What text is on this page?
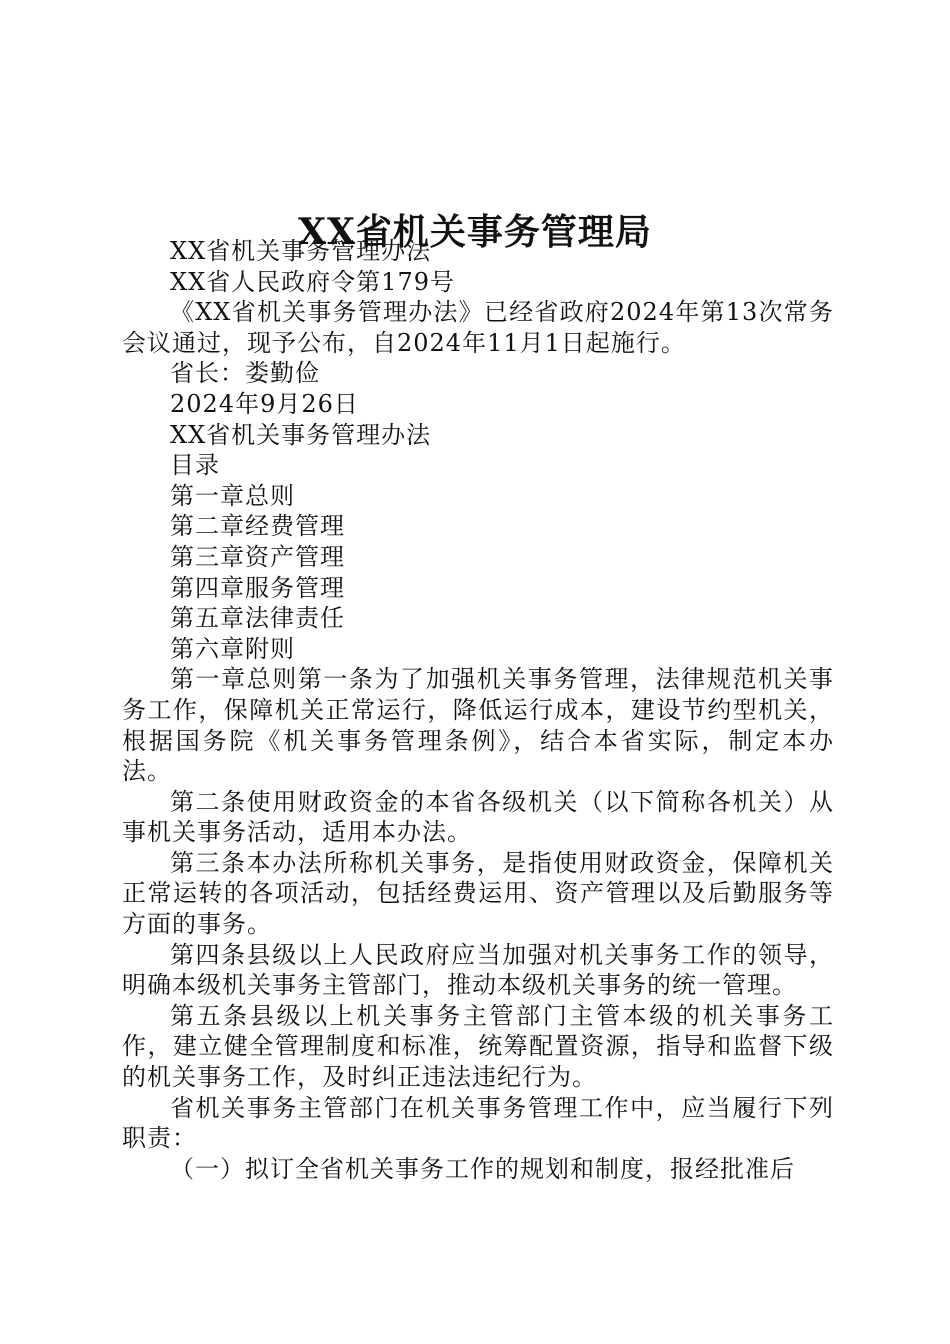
XX省机关事务管理局

XX省机关事务管理办法

XX省人民政府令第179号

《XX省机关事务管理办法》已经省政府2024年第13次常务会议通过，现予公布，自2024年11月1日起施行。

省长：娄勤俭

2024年9月26日

XX省机关事务管理办法

目录

第一章总则

第二章经费管理

第三章资产管理

第四章服务管理

第五章法律责任

第六章附则

第一章总则第一条为了加强机关事务管理，法律规范机关事务工作，保障机关正常运行，降低运行成本，建设节约型机关，根据国务院《机关事务管理条例》，结合本省实际，制定本办法。

第二条使用财政资金的本省各级机关（以下简称各机关）从事机关事务活动，适用本办法。

第三条本办法所称机关事务，是指使用财政资金，保障机关正常运转的各项活动，包括经费运用、资产管理以及后勤服务等方面的事务。

第四条县级以上人民政府应当加强对机关事务工作的领导，明确本级机关事务主管部门，推动本级机关事务的统一管理。

第五条县级以上机关事务主管部门主管本级的机关事务工作，建立健全管理制度和标准，统筹配置资源，指导和监督下级的机关事务工作，及时纠正违法违纪行为。

省机关事务主管部门在机关事务管理工作中，应当履行下列职责：

（一）拟订全省机关事务工作的规划和制度，报经批准后
